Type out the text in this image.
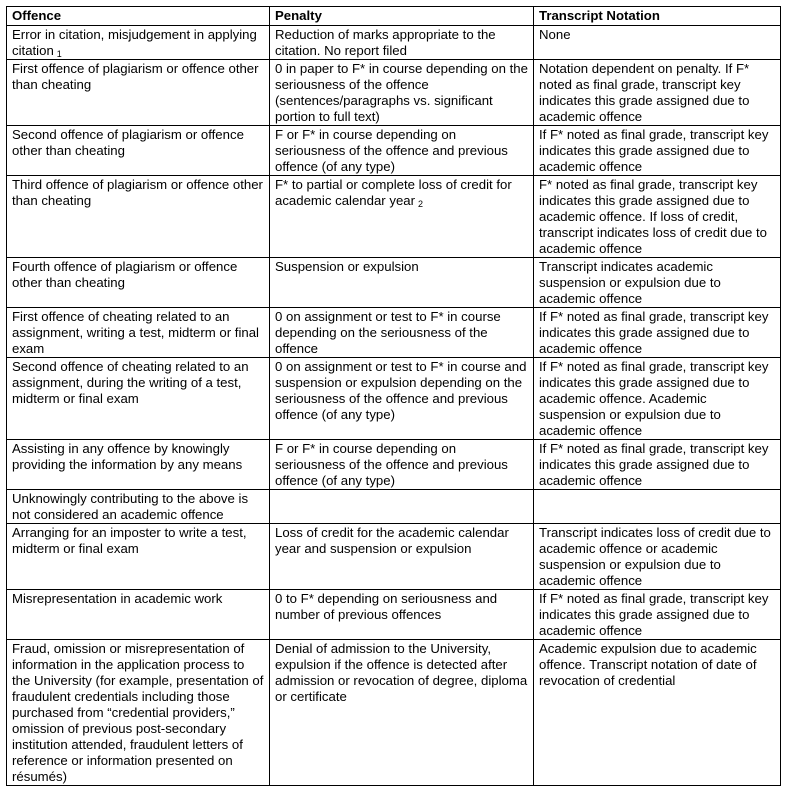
Offence	Penalty	Transcript Notation
Error in citation, misjudgement in applying citation $_1$	Reduction of marks appropriate to the citation. No report filed	None
First offence of plagiarism or offence other than cheating	0 in paper to F* in course depending on the seriousness of the offence (sentences/paragraphs vs. significant portion to full text)	Notation dependent on penalty. If F* noted as final grade, transcript key indicates this grade assigned due to academic offence
Second offence of plagiarism or offence other than cheating	F or F* in course depending on seriousness of the offence and previous offence (of any type)	If F* noted as final grade, transcript key indicates this grade assigned due to academic offence
Third offence of plagiarism or offence other than cheating	F* to partial or complete loss of credit for academic calendar year $_2$	F* noted as final grade, transcript key indicates this grade assigned due to academic offence. If loss of credit, transcript indicates loss of credit due to academic offence
Fourth offence of plagiarism or offence other than cheating	Suspension or expulsion	Transcript indicates academic suspension or expulsion due to academic offence
First offence of cheating related to an assignment, writing a test, midterm or final exam	0 on assignment or test to F* in course depending on the seriousness of the offence	If F* noted as final grade, transcript key indicates this grade assigned due to academic offence
Second offence of cheating related to an assignment, during the writing of a test, midterm or final exam	0 on assignment or test to F* in course and suspension or expulsion depending on the seriousness of the offence and previous offence (of any type)	If F* noted as final grade, transcript key indicates this grade assigned due to academic offence. Academic suspension or expulsion due to academic offence
Assisting in any offence by knowingly providing the information by any means	F or F* in course depending on seriousness of the offence and previous offence (of any type)	If F* noted as final grade, transcript key indicates this grade assigned due to academic offence
Unknowingly contributing to the above is not considered an academic offence		
Arranging for an imposter to write a test, midterm or final exam	Loss of credit for the academic calendar year and suspension or expulsion	Transcript indicates loss of credit due to academic offence or academic suspension or expulsion due to academic offence
Misrepresentation in academic work	0 to F* depending on seriousness and number of previous offences	If F* noted as final grade, transcript key indicates this grade assigned due to academic offence
Fraud, omission or misrepresentation of information in the application process to the University (for example, presentation of fraudulent credentials including those purchased from “credential providers,” omission of previous post-secondary institution attended, fraudulent letters of reference or information presented on résumés)	Denial of admission to the University, expulsion if the offence is detected after admission or revocation of degree, diploma or certificate	Academic expulsion due to academic offence. Transcript notation of date of revocation of credential
